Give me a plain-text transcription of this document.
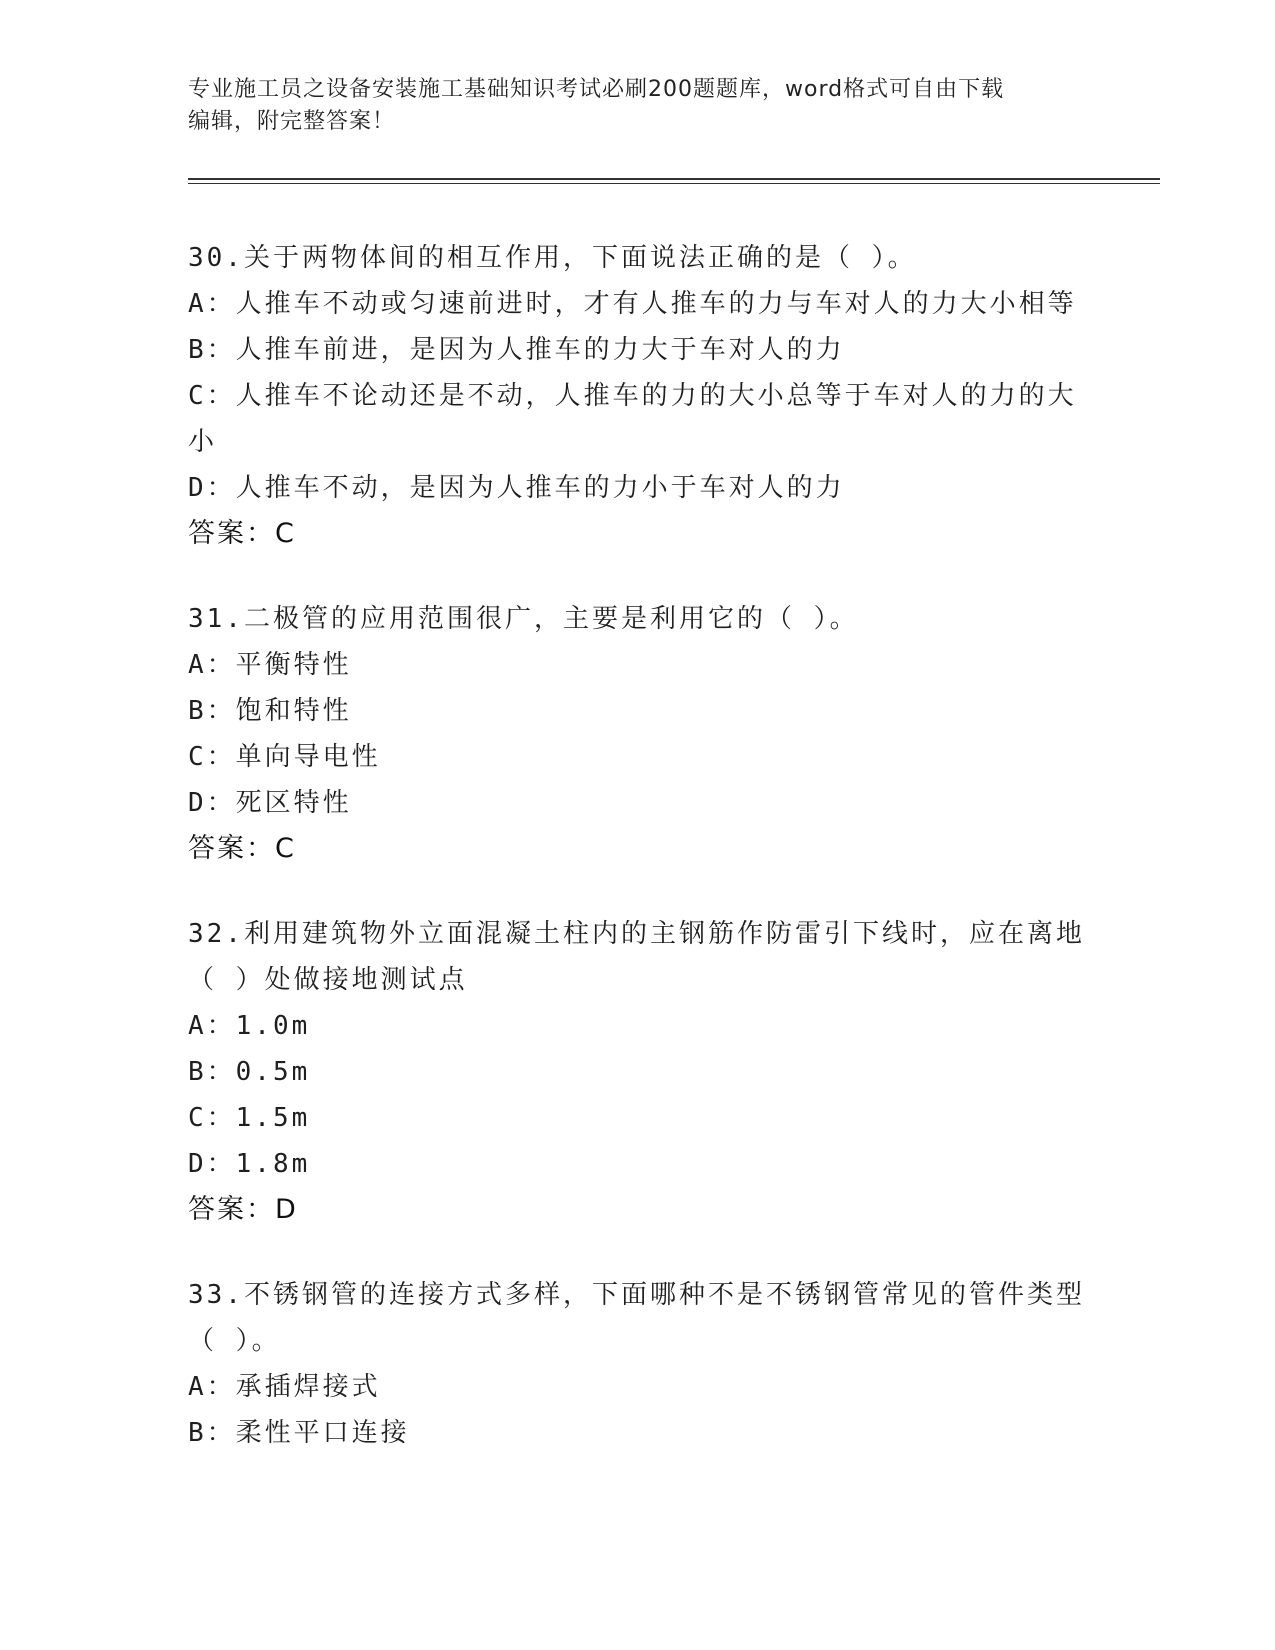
专业施工员之设备安装施工基础知识考试必刷200题题库，word格式可自由下载
编辑，附完整答案！
30.关于两物体间的相互作用，下面说法正确的是（ ）。
A：人推车不动或匀速前进时，才有人推车的力与车对人的力大小相等
B：人推车前进，是因为人推车的力大于车对人的力
C：人推车不论动还是不动，人推车的力的大小总等于车对人的力的大
小
D：人推车不动，是因为人推车的力小于车对人的力
答案：C
31.二极管的应用范围很广，主要是利用它的（ ）。
A：平衡特性
B：饱和特性
C：单向导电性
D：死区特性
答案：C
32.利用建筑物外立面混凝土柱内的主钢筋作防雷引下线时，应在离地
（ ）处做接地测试点
A：1.0m
B：0.5m
C：1.5m
D：1.8m
答案：D
33.不锈钢管的连接方式多样，下面哪种不是不锈钢管常见的管件类型
（ ）。
A：承插焊接式
B：柔性平口连接
